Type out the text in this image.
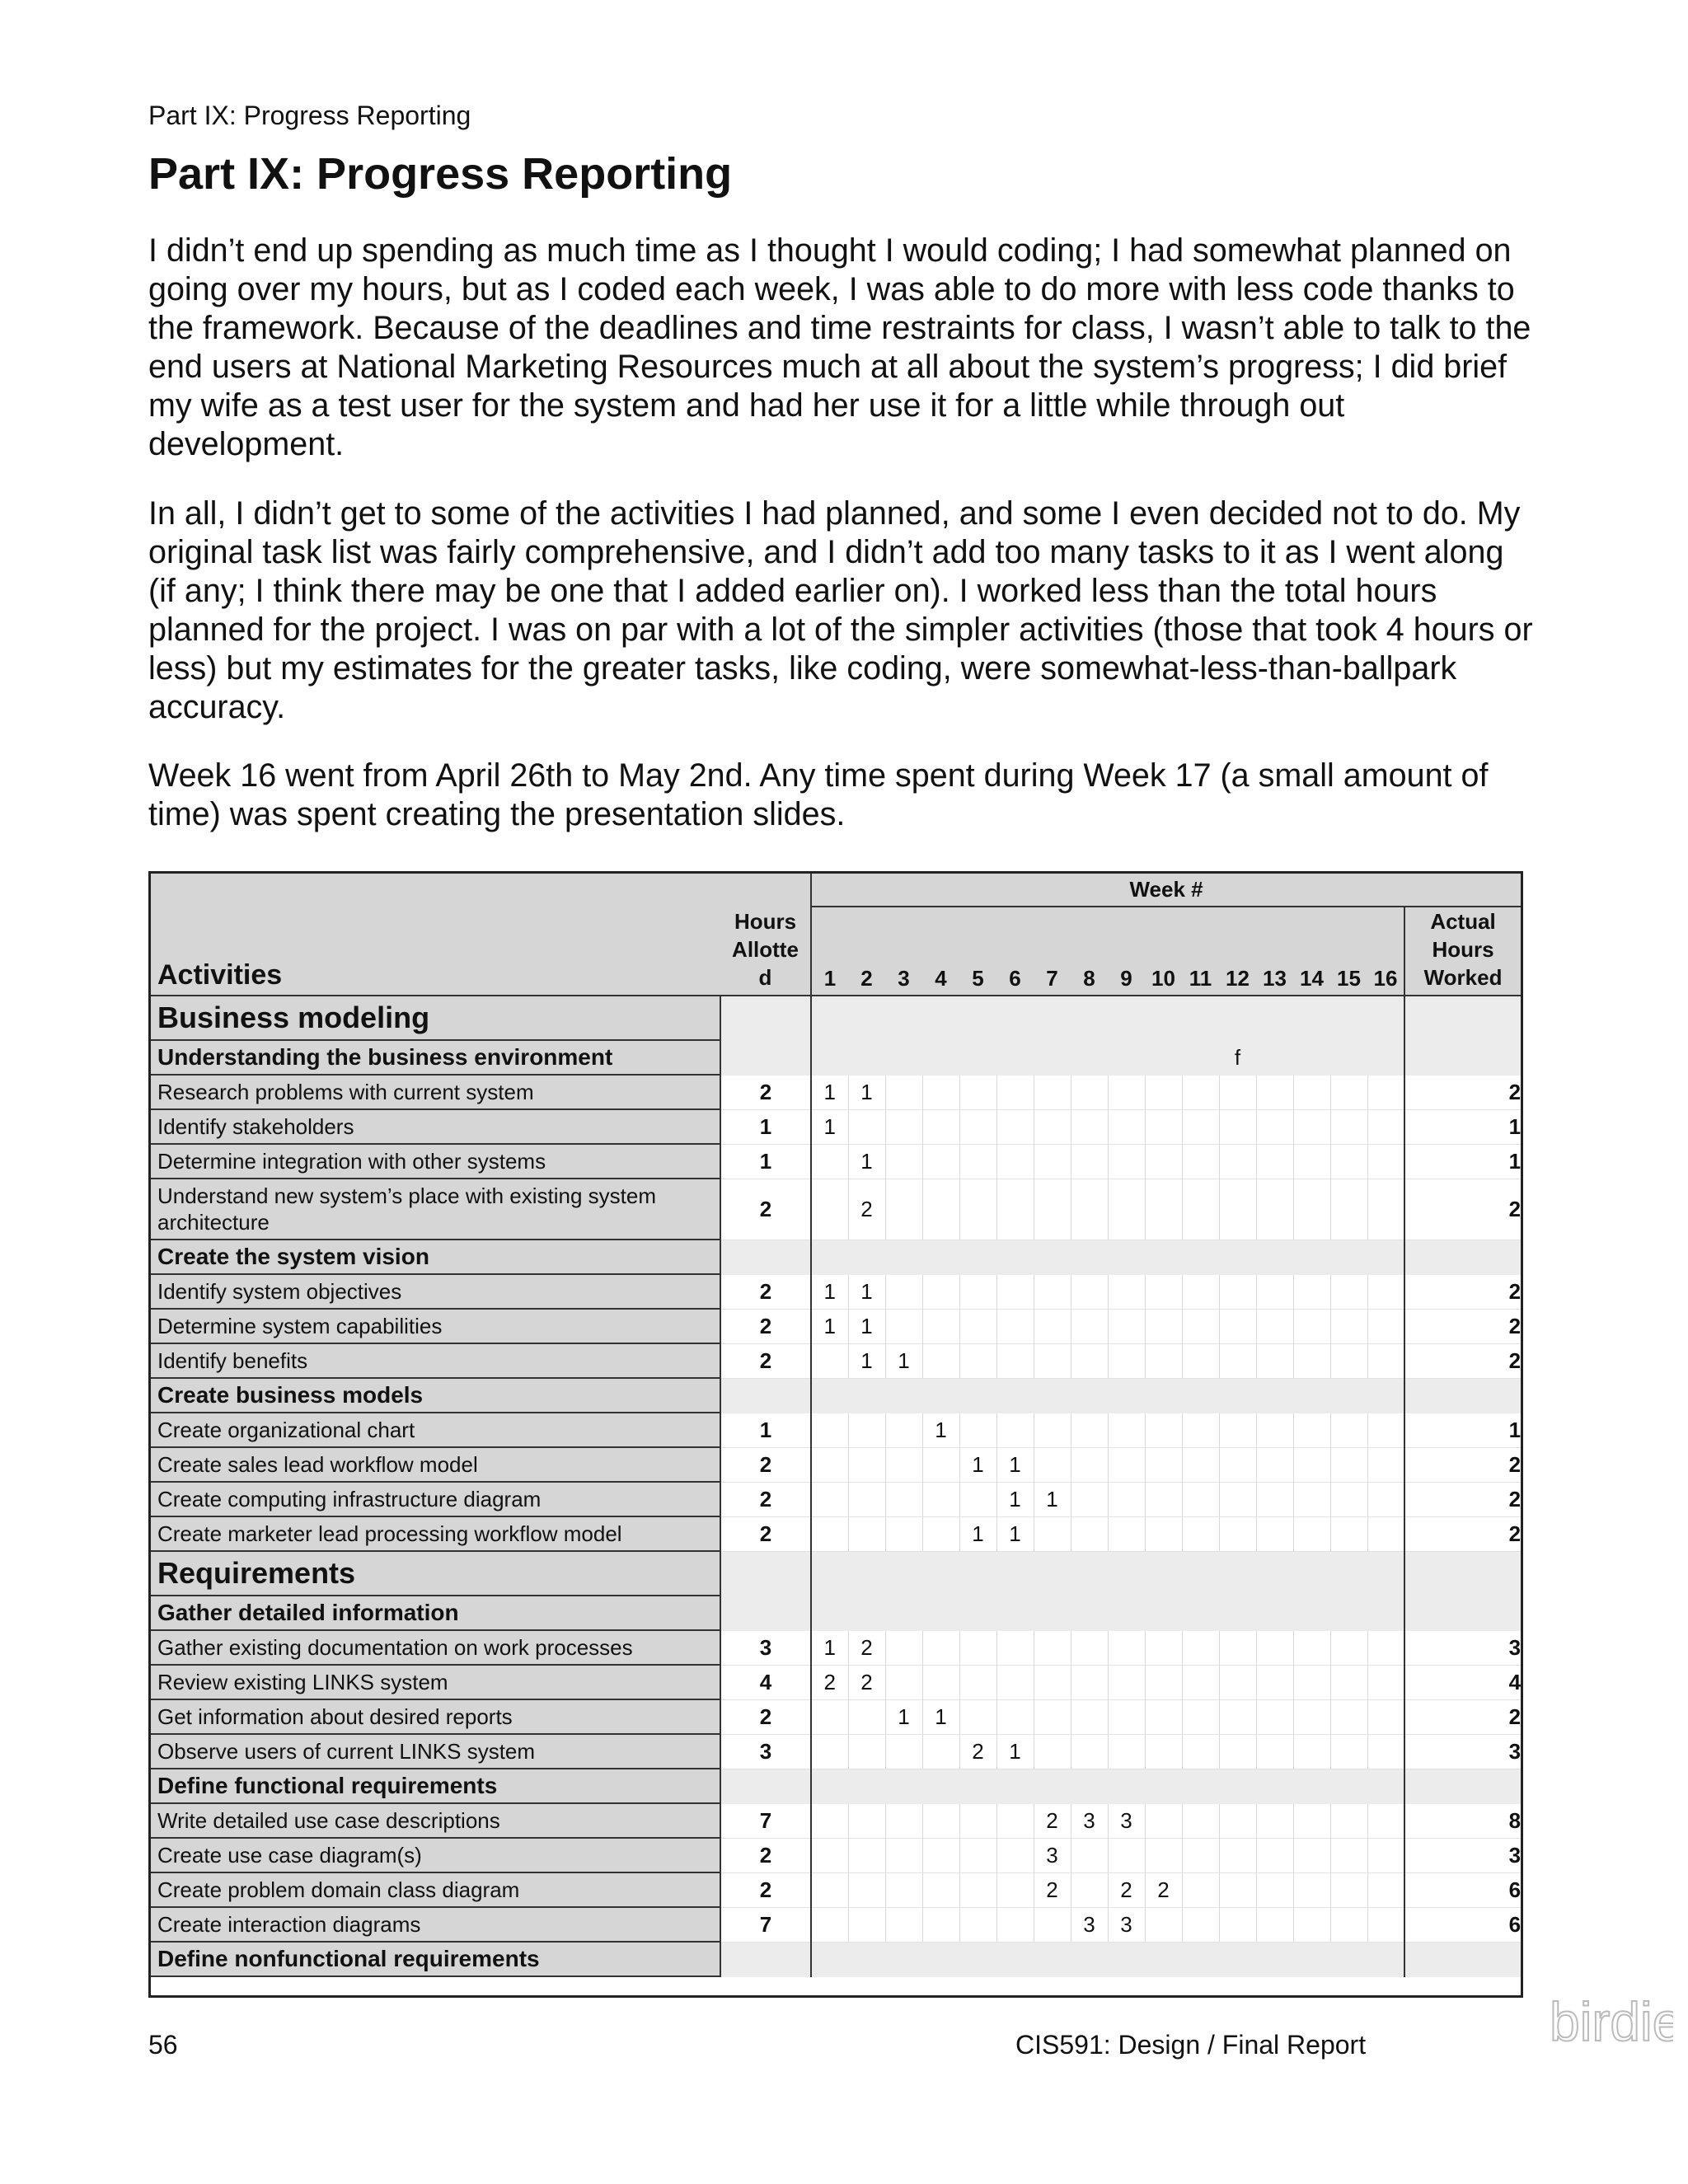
Part IX: Progress Reporting
Part IX: Progress Reporting

I didn’t end up spending as much time as I thought I would coding; I had somewhat planned on going over my hours, but as I coded each week, I was able to do more with less code thanks to the framework. Because of the deadlines and time restraints for class, I wasn’t able to talk to the end users at National Marketing Resources much at all about the system’s progress; I did brief my wife as a test user for the system and had her use it for a little while through out development.

In all, I didn’t get to some of the activities I had planned, and some I even decided not to do. My original task list was fairly comprehensive, and I didn’t add too many tasks to it as I went along (if any; I think there may be one that I added earlier on). I worked less than the total hours planned for the project. I was on par with a lot of the simpler activities (those that took 4 hours or less) but my estimates for the greater tasks, like coding, were somewhat-less-than-ballpark accuracy.

Week 16 went from April 26th to May 2nd. Any time spent during Week 17 (a small amount of time) was spent creating the presentation slides.

Activities	Hours
Allotte
d	Week #																
		1	2	3	4	5	6	7	8	9	10	11	12	13	14	15	16	Actual
Hours
Worked
Business modeling																		
Understanding the business environment													f					
Research problems with current system	2	1	1															2
Identify stakeholders	1	1																1
Determine integration with other systems	1		1															1
Understand new system’s place with existing system architecture	2		2															2
Create the system vision																		
Identify system objectives	2	1	1															2
Determine system capabilities	2	1	1															2
Identify benefits	2		1	1														2
Create business models																		
Create organizational chart	1				1													1
Create sales lead workflow model	2					1	1											2
Create computing infrastructure diagram	2						1	1										2
Create marketer lead processing workflow model	2					1	1											2
Requirements																		
Gather detailed information																		
Gather existing documentation on work processes	3	1	2															3
Review existing LINKS system	4	2	2															4
Get information about desired reports	2			1	1													2
Observe users of current LINKS system	3					2	1											3
Define functional requirements																		
Write detailed use case descriptions	7							2	3	3								8
Create use case diagram(s)	2							3										3
Create problem domain class diagram	2							2		2	2							6
Create interaction diagrams	7								3	3								6
Define nonfunctional requirements																		
56	CIS591: Design / Final Report	birdie
